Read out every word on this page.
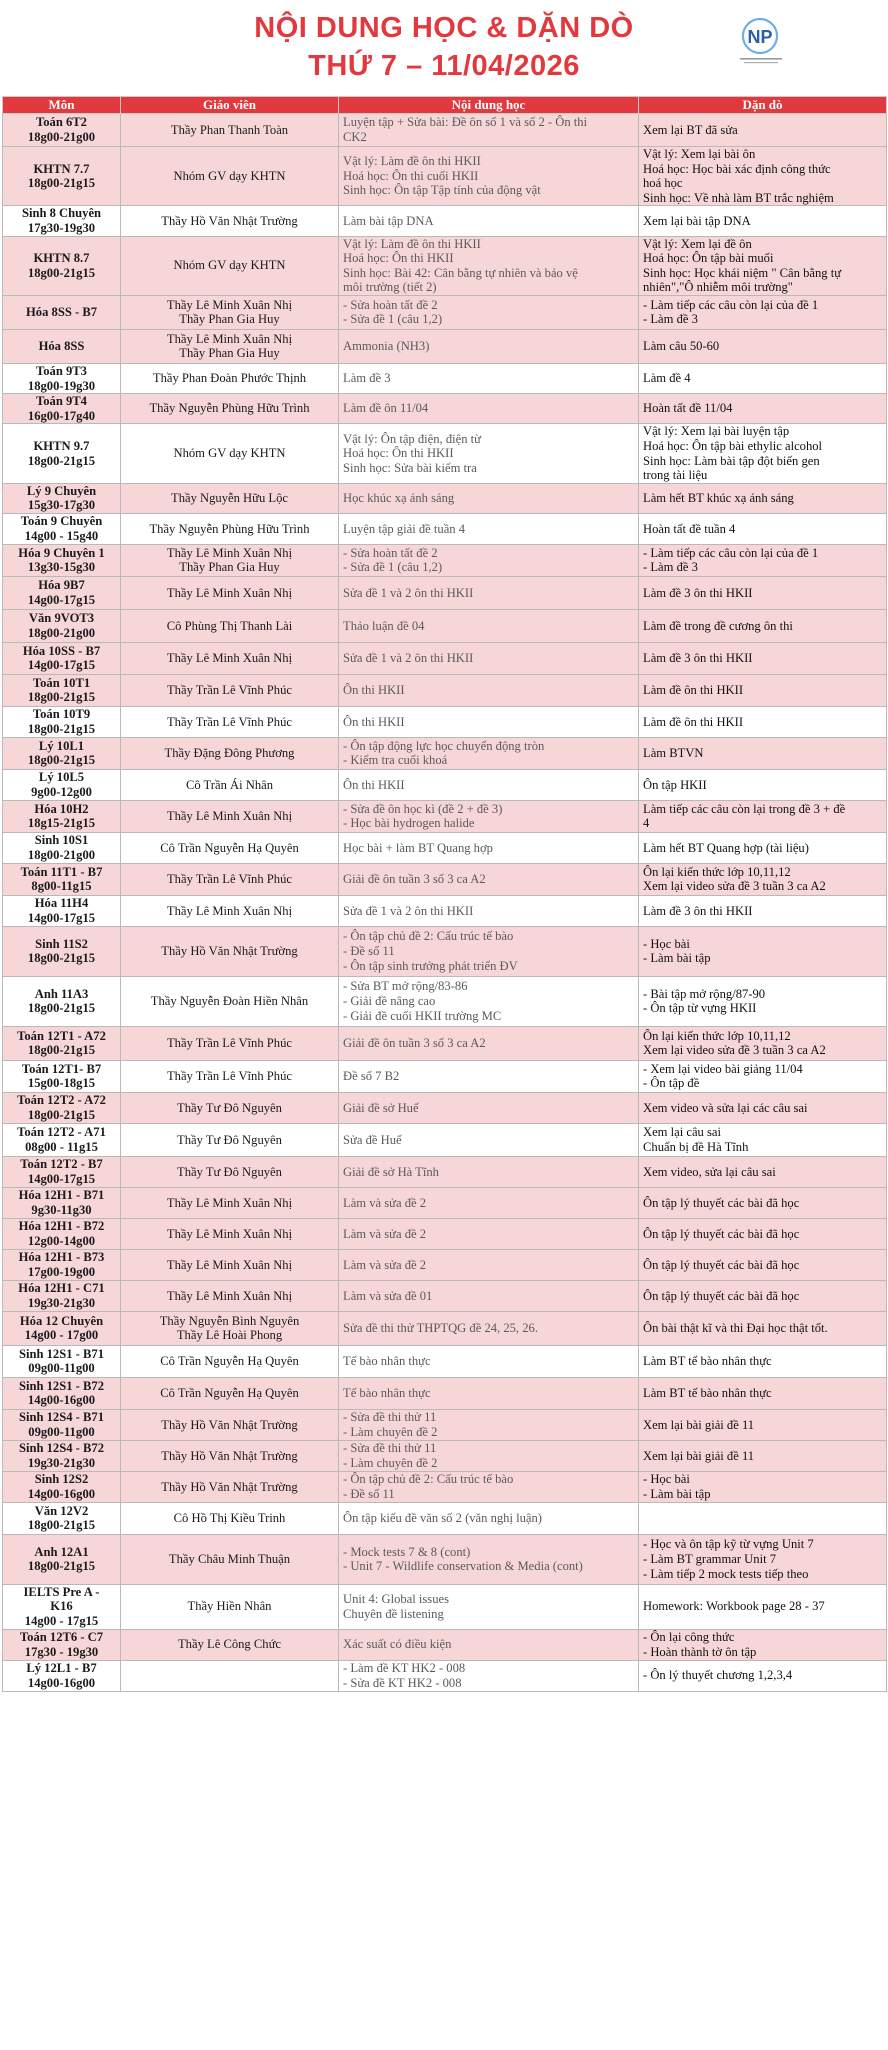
NỘI DUNG HỌC & DẶN DÒ
THỨ 7 – 11/04/2026
NP
Môn	Giáo viên	Nội dung học	Dặn dò

Toán 6T2
18g00-21g00	Thầy Phan Thanh Toàn	Luyện tập + Sửa bài: Đề ôn số 1 và số 2 - Ôn thi
CK2	Xem lại BT đã sửa

KHTN 7.7
18g00-21g15	Nhóm GV dạy KHTN	Vật lý: Làm đề ôn thi HKII
Hoá học: Ôn thi cuối HKII
Sinh học: Ôn tập Tập tính của động vật	Vật lý: Xem lại bài ôn
Hoá học: Học bài xác định công thức
hoá học
Sinh học: Về nhà làm BT trắc nghiệm

Sinh 8 Chuyên
17g30-19g30	Thầy Hồ Văn Nhật Trường	Làm bài tập DNA	Xem lại bài tập DNA

KHTN 8.7
18g00-21g15	Nhóm GV dạy KHTN	Vật lý: Làm đề ôn thi HKII
Hoá học: Ôn thi HKII
Sinh học: Bài 42: Cân bằng tự nhiên và bảo vệ
môi trường (tiết 2)	Vật lý: Xem lại đề ôn
Hoá học: Ôn tập bài muối
Sinh học: Học khái niệm " Cân bằng tự
nhiên","Ô nhiễm môi trường"

Hóa 8SS - B7	Thầy Lê Minh Xuân Nhị
Thầy Phan Gia Huy	- Sửa hoàn tất đề 2
- Sửa đề 1 (câu 1,2)	- Làm tiếp các câu còn lại của đề 1
- Làm đề 3

Hóa 8SS	Thầy Lê Minh Xuân Nhị
Thầy Phan Gia Huy	Ammonia (NH3)	Làm câu 50-60

Toán 9T3
18g00-19g30	Thầy Phan Đoàn Phước Thịnh	Làm đề 3	Làm đề 4

Toán 9T4
16g00-17g40	Thầy Nguyễn Phùng Hữu Trình	Làm đề ôn 11/04	Hoàn tất đề 11/04

KHTN 9.7
18g00-21g15	Nhóm GV dạy KHTN	Vật lý: Ôn tập điện, điện từ
Hoá học: Ôn thi HKII
Sinh học: Sửa bài kiểm tra	Vật lý: Xem lại bài luyện tập
Hoá học: Ôn tập bài ethylic alcohol
Sinh học: Làm bài tập đột biến gen
trong tài liệu

Lý 9 Chuyên
15g30-17g30	Thầy Nguyễn Hữu Lộc	Học khúc xạ ánh sáng	Làm hết BT khúc xạ ánh sáng

Toán 9 Chuyên
14g00 - 15g40	Thầy Nguyễn Phùng Hữu Trình	Luyện tập giải đề tuần 4	Hoàn tất đề tuần 4

Hóa 9 Chuyên 1
13g30-15g30	Thầy Lê Minh Xuân Nhị
Thầy Phan Gia Huy	- Sửa hoàn tất đề 2
- Sửa đề 1 (câu 1,2)	- Làm tiếp các câu còn lại của đề 1
- Làm đề 3

Hóa 9B7
14g00-17g15	Thầy Lê Minh Xuân Nhị	Sửa đề 1 và 2 ôn thi HKII	Làm đề 3 ôn thi HKII

Văn 9VOT3
18g00-21g00	Cô Phùng Thị Thanh Lài	Thảo luận đề 04	Làm đề trong đề cương ôn thi

Hóa 10SS - B7
14g00-17g15	Thầy Lê Minh Xuân Nhị	Sửa đề 1 và 2 ôn thi HKII	Làm đề 3 ôn thi HKII

Toán 10T1
18g00-21g15	Thầy Trần Lê Vĩnh Phúc	Ôn thi HKII	Làm đề ôn thi HKII

Toán 10T9
18g00-21g15	Thầy Trần Lê Vĩnh Phúc	Ôn thi HKII	Làm đề ôn thi HKII

Lý 10L1
18g00-21g15	Thầy Đặng Đông Phương	- Ôn tập động lực học chuyển động tròn
- Kiểm tra cuối khoá	Làm BTVN

Lý 10L5
9g00-12g00	Cô Trần Ái Nhân	Ôn thi HKII	Ôn tập HKII

Hóa 10H2
18g15-21g15	Thầy Lê Minh Xuân Nhị	- Sửa đề ôn học kì (đề 2 + đề 3)
- Học bài hydrogen halide	Làm tiếp các câu còn lại trong đề 3 + đề
4

Sinh 10S1
18g00-21g00	Cô Trần Nguyễn Hạ Quyên	Học bài + làm BT Quang hợp	Làm hết BT Quang hợp (tài liệu)

Toán 11T1 - B7
8g00-11g15	Thầy Trần Lê Vĩnh Phúc	Giải đề ôn tuần 3 số 3 ca A2	Ôn lại kiến thức lớp 10,11,12
Xem lại video sửa đề 3 tuần 3 ca A2

Hóa 11H4
14g00-17g15	Thầy Lê Minh Xuân Nhị	Sửa đề 1 và 2 ôn thi HKII	Làm đề 3 ôn thi HKII

Sinh 11S2
18g00-21g15	Thầy Hồ Văn Nhật Trường	- Ôn tập chủ đề 2: Cấu trúc tế bào
- Đề số 11
- Ôn tập sinh trưởng phát triển ĐV	- Học bài
- Làm bài tập

Anh 11A3
18g00-21g15	Thầy Nguyễn Đoàn Hiền Nhân	- Sửa BT mở rộng/83-86
- Giải đề nâng cao
- Giải đề cuối HKII trường MC	- Bài tập mở rộng/87-90
- Ôn tập từ vựng HKII

Toán 12T1 - A72
18g00-21g15	Thầy Trần Lê Vĩnh Phúc	Giải đề ôn tuần 3 số 3 ca A2	Ôn lại kiến thức lớp 10,11,12
Xem lại video sửa đề 3 tuần 3 ca A2

Toán 12T1- B7
15g00-18g15	Thầy Trần Lê Vĩnh Phúc	Đề số 7 B2	- Xem lại video bài giảng 11/04
- Ôn tập đề

Toán 12T2 - A72
18g00-21g15	Thầy Tư Đô Nguyên	Giải đề sở Huế	Xem video và sửa lại các câu sai

Toán 12T2 - A71
08g00 - 11g15	Thầy Tư Đô Nguyên	Sửa đề Huế	Xem lại câu sai
Chuẩn bị đề Hà Tĩnh

Toán 12T2 - B7
14g00-17g15	Thầy Tư Đô Nguyên	Giải đề sở Hà Tĩnh	Xem video, sửa lại câu sai

Hóa 12H1 - B71
9g30-11g30	Thầy Lê Minh Xuân Nhị	Làm và sửa đề 2	Ôn tập lý thuyết các bài đã học

Hóa 12H1 - B72
12g00-14g00	Thầy Lê Minh Xuân Nhị	Làm và sửa đề 2	Ôn tập lý thuyết các bài đã học

Hóa 12H1 - B73
17g00-19g00	Thầy Lê Minh Xuân Nhị	Làm và sửa đề 2	Ôn tập lý thuyết các bài đã học

Hóa 12H1 - C71
19g30-21g30	Thầy Lê Minh Xuân Nhị	Làm và sửa đề 01	Ôn tập lý thuyết các bài đã học

Hóa 12 Chuyên
14g00 - 17g00	Thầy Nguyễn Bình Nguyên
Thầy Lê Hoài Phong	Sửa đề thi thử THPTQG đề 24, 25, 26.	Ôn bài thật kĩ và thi Đại học thật tốt.

Sinh 12S1 - B71
09g00-11g00	Cô Trần Nguyễn Hạ Quyên	Tế bào nhân thực	Làm BT tế bào nhân thực

Sinh 12S1 - B72
14g00-16g00	Cô Trần Nguyễn Hạ Quyên	Tế bào nhân thực	Làm BT tế bào nhân thực

Sinh 12S4 - B71
09g00-11g00	Thầy Hồ Văn Nhật Trường	- Sửa đề thi thử 11
- Làm chuyên đề 2	Xem lại bài giải đề 11

Sinh 12S4 - B72
19g30-21g30	Thầy Hồ Văn Nhật Trường	- Sửa đề thi thử 11
- Làm chuyên đề 2	Xem lại bài giải đề 11

Sinh 12S2
14g00-16g00	Thầy Hồ Văn Nhật Trường	- Ôn tập chủ đề 2: Cấu trúc tế bào
- Đề số 11	- Học bài
- Làm bài tập

Văn 12V2
18g00-21g15	Cô Hồ Thị Kiều Trinh	Ôn tập kiểu đề văn số 2 (văn nghị luận)	

Anh 12A1
18g00-21g15	Thầy Châu Minh Thuận	- Mock tests 7 & 8 (cont)
- Unit 7 - Wildlife conservation & Media (cont)	- Học và ôn tập kỹ từ vựng Unit 7
- Làm BT grammar Unit 7
- Làm tiếp 2 mock tests tiếp theo

IELTS Pre A -
K16
14g00 - 17g15	Thầy Hiền Nhân	Unit 4: Global issues
Chuyên đề listening	Homework: Workbook page 28 - 37

Toán 12T6 - C7
17g30 - 19g30	Thầy Lê Công Chức	Xác suất có điều kiện	- Ôn lại công thức
- Hoàn thành tờ ôn tập

Lý 12L1 - B7
14g00-16g00		- Làm đề KT HK2 - 008
- Sửa đề KT HK2 - 008	- Ôn lý thuyết chương 1,2,3,4
